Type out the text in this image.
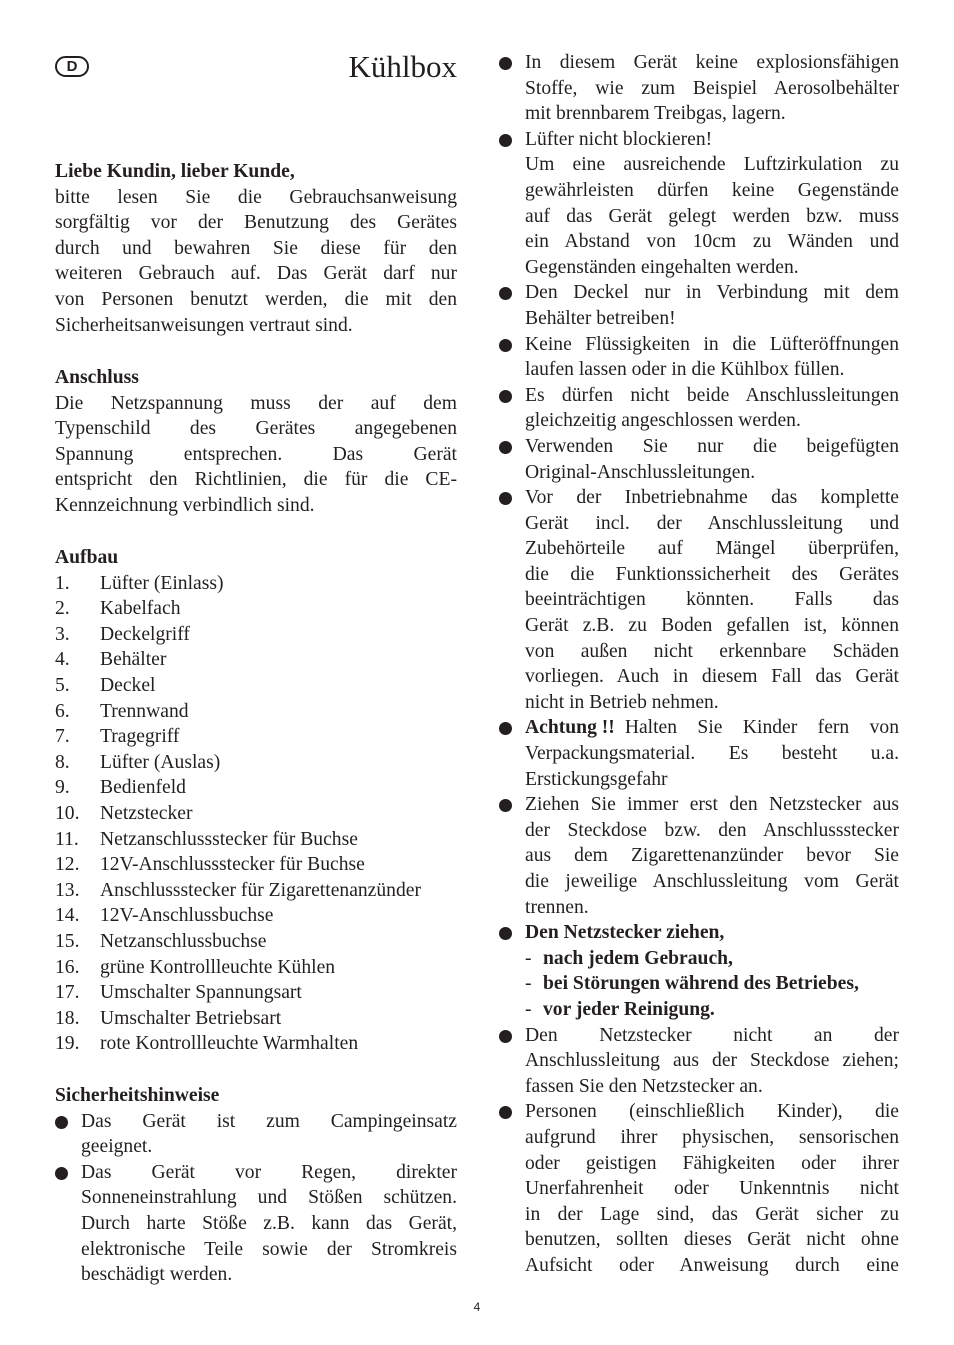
D	Kühlbox
Liebe Kundin, lieber Kunde,
bitte lesen Sie die Gebrauchsanweisung
sorgfältig vor der Benutzung des Gerätes
durch und bewahren Sie diese für den
weiteren Gebrauch auf. Das Gerät darf nur
von Personen benutzt werden, die mit den
Sicherheitsanweisungen vertraut sind.
Anschluss
Die Netzspannung muss der auf dem
Typenschild des Gerätes angegebenen
Spannung entsprechen. Das Gerät
entspricht den Richtlinien, die für die CE-
Kennzeichnung verbindlich sind.
Aufbau
1. Lüfter (Einlass)
2. Kabelfach
3. Deckelgriff
4. Behälter
5. Deckel
6. Trennwand
7. Tragegriff
8. Lüfter (Auslas)
9. Bedienfeld
10. Netzstecker
11. Netzanschlussstecker für Buchse
12. 12V-Anschlussstecker für Buchse
13. Anschlussstecker für Zigarettenanzünder
14. 12V-Anschlussbuchse
15. Netzanschlussbuchse
16. grüne Kontrollleuchte Kühlen
17. Umschalter Spannungsart
18. Umschalter Betriebsart
19. rote Kontrollleuchte Warmhalten
Sicherheitshinweise
Das Gerät ist zum Campingeinsatz
geeignet.
Das Gerät vor Regen, direkter
Sonneneinstrahlung und Stößen schützen.
Durch harte Stöße z.B. kann das Gerät,
elektronische Teile sowie der Stromkreis
beschädigt werden.
In diesem Gerät keine explosionsfähigen
Stoffe, wie zum Beispiel Aerosolbehälter
mit brennbarem Treibgas, lagern.
Lüfter nicht blockieren!
Um eine ausreichende Luftzirkulation zu
gewährleisten dürfen keine Gegenstände
auf das Gerät gelegt werden bzw. muss
ein Abstand von 10cm zu Wänden und
Gegenständen eingehalten werden.
Den Deckel nur in Verbindung mit dem
Behälter betreiben!
Keine Flüssigkeiten in die Lüfteröffnungen
laufen lassen oder in die Kühlbox füllen.
Es dürfen nicht beide Anschlussleitungen
gleichzeitig angeschlossen werden.
Verwenden Sie nur die beigefügten
Original-Anschlussleitungen.
Vor der Inbetriebnahme das komplette
Gerät incl. der Anschlussleitung und
Zubehörteile auf Mängel überprüfen,
die die Funktionssicherheit des Gerätes
beeinträchtigen könnten. Falls das
Gerät z.B. zu Boden gefallen ist, können
von außen nicht erkennbare Schäden
vorliegen. Auch in diesem Fall das Gerät
nicht in Betrieb nehmen.
Achtung !! Halten Sie Kinder fern von
Verpackungsmaterial. Es besteht u.a.
Erstickungsgefahr
Ziehen Sie immer erst den Netzstecker aus
der Steckdose bzw. den Anschlussstecker
aus dem Zigarettenanzünder bevor Sie
die jeweilige Anschlussleitung vom Gerät
trennen.
Den Netzstecker ziehen,
- nach jedem Gebrauch,
- bei Störungen während des Betriebes,
- vor jeder Reinigung.
Den Netzstecker nicht an der
Anschlussleitung aus der Steckdose ziehen;
fassen Sie den Netzstecker an.
Personen (einschließlich Kinder), die
aufgrund ihrer physischen, sensorischen
oder geistigen Fähigkeiten oder ihrer
Unerfahrenheit oder Unkenntnis nicht
in der Lage sind, das Gerät sicher zu
benutzen, sollten dieses Gerät nicht ohne
Aufsicht oder Anweisung durch eine
4
